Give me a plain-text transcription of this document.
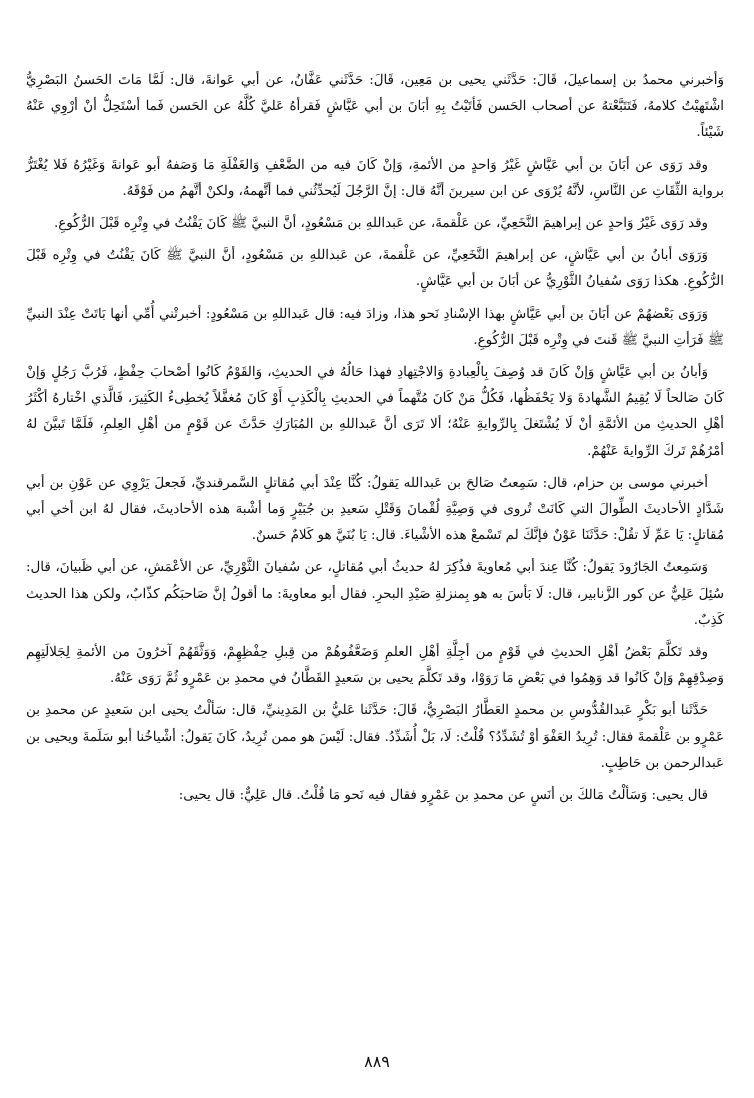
وَأخبرني محمدُ بن إسماعيلَ، قَالَ: حَدَّثَني يحيى بن مَعِين، قَالَ: حَدَّثَني عَفَّانُ، عن أبي عَوانةَ، قال: لَمَّا مَاتَ الحَسنُ البَصْرِيُّ اشْتَهيْتُ كلامهُ، فَتَتَبَّعْتهُ عن أصحاب الحَسن فَأتَيْتُ بِهِ أبَانَ بن أبي عَيَّاشٍ فَقرأهُ عَليَّ كُلَّهُ عن الحَسن فَما أسْتَحِلُّ أنْ أرْوِي عَنْهُ شَيْئاً.

وقد رَوَى عن أبَانَ بن أبي عَيَّاشٍ غَيْرُ وَاحدٍ من الأئمةِ، وَإنْ كَانَ فيه من الضَّعْفِ وَالغَفْلَةِ مَا وَصَفهُ أبو عَوانةَ وَغَيْرُهُ فَلا يُغْتَرُّ برواية الثِّقَاتِ عن النَّاسِ، لأنَّهُ يُرْوَى عن ابن سيرينَ أنَّهُ قال: إنَّ الرَّجُلَ لَيُحدِّثُني فما أتَّهمهُ، ولكنْ أتَّهمُ من فَوْقَهُ.

وقد رَوَى غَيْرُ وَاحدٍ عن إبراهيمَ النَّخَعِيِّ، عن عَلْقمةَ، عن عَبداللهِ بن مَسْعُودٍ، أنَّ النبيَّ ﷺ كَانَ يَقْنُتُ في وِتْرِه قَبْلَ الرُّكُوعِ.

وَرَوَى أبانُ بن أبي عَيَّاشٍ، عن إبراهيمَ النَّخَعِيِّ، عن عَلْقمةَ، عن عَبداللهِ بن مَسْعُودٍ، أنَّ النبيَّ ﷺ كَانَ يَقْنُتُ في وِتْرِه قَبْلَ الرُّكُوعِ. هكذا رَوَى سُفيانُ الثَّوْرِيُّ عن أبَانَ بن أبي عَيَّاشٍ.

وَرَوَى بَعْضهُمْ عن أبَانَ بن أبي عَيَّاشٍ بهذا الإسْنادِ نَحو هذا، وزادَ فيه: قال عَبداللهِ بن مَسْعُودٍ: أخبرتْني أُمِّي أنها بَاتَتْ عِنْدَ النبيِّ ﷺ فَرَأتِ النبيَّ ﷺ قَنتَ في وِتْرِه قَبْلَ الرُّكُوعِ.

وَأبانُ بن أبي عَيَّاشٍ وَإنْ كَانَ قد وُصِفَ بِالْعِبادةِ وَالاجْتِهادِ فهذا حَالُهُ في الحديثِ، وَالقَوْمُ كَانُوا أصْحابَ حِفْظٍ، فَرُبَّ رَجُلٍ وَإنْ كَانَ صَالحاً لَا يُقِيمُ الشَّهادةَ وَلا يَحْفَظُها، فَكُلُّ مَنْ كَانَ مُتَّهماً في الحديثِ بِالْكَذِبِ أَوْ كَانَ مُغفَّلاً يُخطِىءُ الكَثِيرَ، فَالَّذي اخْتارهُ أكْثَرُ أهْلِ الحديثِ من الأئمَّةِ أنْ لَا يُشْتَغلَ بِالرِّوايةِ عَنْهُ؛ ألا تَرَى أنَّ عَبداللهِ بن المُبَارَكِ حَدَّثَ عن قَوْمٍ من أهْلِ العِلمِ، فَلَمَّا تَبيَّنَ لهُ أمْرُهُمْ تَركَ الرِّوايةَ عَنْهُمْ.

أخبرني موسى بن حزام، قال: سَمِعتُ صَالحَ بن عَبدالله يَقولُ: كُنَّا عِنْدَ أبي مُقاتلٍ السَّمرقنديِّ، فَجعلَ يَرْوِي عن عَوْنِ بن أبي شَدَّادٍ الأحاديثَ الطِّوالَ التي كَانَتْ تُروى في وَصِيَّةِ لُقْمانَ وَقَتْلِ سَعيدِ بن جُبَيْرٍ وَما أشْبهَ هذه الأحاديثَ، فقال لهُ ابن أخي أبي مُقاتلٍ: يَا عَمِّ لَا تقُلْ: حَدَّثَنَا عَوْنٌ فإنَّكَ لم تَسْمعْ هذه الأشْياءَ. قال: يَا بُنَيَّ هو كَلامٌ حَسنٌ.

وَسَمِعتُ الجَارُودَ يَقولُ: كُنَّا عِندَ أبي مُعاويةَ فذُكِرَ لهُ حديثُ أبي مُقاتلٍ، عن سُفيانَ الثَّوْرِيِّ، عن الأعْمَشِ، عن أبي ظَبيانَ، قال: سُئِلَ عَلِيٌّ عن كور الزَّنابير، قال: لَا بَأسَ به هو بِمنزلةِ صَيْدِ البحرِ. فقال أبو معاويةَ: ما أقولُ إنَّ صَاحبَكُم كذّابٌ، ولكن هذا الحديث كَذِبٌ.

وقد تَكلَّمَ بَعْضُ أهْلِ الحديثِ في قَوْمٍ من أجِلَّةِ أهْلِ العلمِ وَضَعَّفُوهُمْ من قِبلِ حِفْظِهِمْ، وَوَثَّقَهُمْ آخرُونَ من الأئمةِ لِجَلالَتِهِم وَصِدْقِهِمْ وَإنْ كَانُوا قد وَهِمُوا في بَعْضِ مَا رَوَوْا، وقد تَكلَّمَ يحيى بن سَعيدٍ القَطَّانُ في محمدِ بن عَمْرٍو ثُمَّ رَوَى عَنْهُ.

حَدَّثَنا أبو بَكْرٍ عَبدالقُدُّوسِ بن محمدٍ العَطَّارُ البَصْرِيُّ، قَالَ: حَدَّثَنا عَليُّ بن المَدِينيِّ، قال: سَألْتُ يحيى ابن سَعيدٍ عن محمدِ بن عَمْرٍو بن عَلْقمةَ فقال: تُرِيدُ العَفْوَ أوْ تُشَدِّدُ؟ قُلْتُ: لَا، بَلْ أُشَدِّدُ. فقال: لَيْسَ هو ممن تُرِيدُ، كَانَ يَقولُ: أشْياخُنا أبو سَلَمةَ ويحيى بن عَبدالرحمن بن حَاطِبٍ.

قال يحيى: وَسَألْتُ مَالكَ بن أنَسٍ عن محمدِ بن عَمْرٍو فقال فيه نَحو مَا قُلْتُ. قال عَلِيٌّ: قال يحيى:

٨٨٩
